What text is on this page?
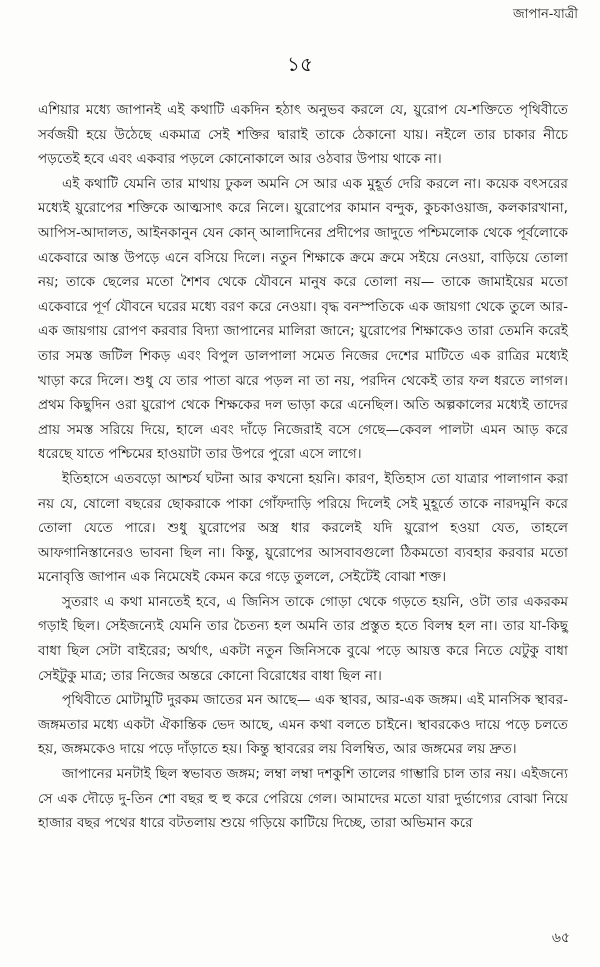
জাপান-যাত্রী
১৫

এশিয়ার মধ্যে জাপানই এই কথাটি একদিন হঠাৎ অনুভব করলে যে, য়ুরোপ যে-শক্তিতে পৃথিবীতে সর্বজয়ী হয়ে উঠেছে একমাত্র সেই শক্তির দ্বারাই তাকে ঠেকানো যায়। নইলে তার চাকার নীচে পড়তেই হবে এবং একবার পড়লে কোনোকালে আর ওঠবার উপায় থাকে না।

এই কথাটি যেমনি তার মাথায় ঢুকল অমনি সে আর এক মুহূর্ত দেরি করলে না। কয়েক বৎসরের মধ্যেই য়ুরোপের শক্তিকে আত্মসাৎ করে নিলে। য়ুরোপের কামান বন্দুক, কুচকাওয়াজ, কলকারখানা, আপিস-আদালত, আইনকানুন যেন কোন্ আলাদিনের প্রদীপের জাদুতে পশ্চিমলোক থেকে পূর্বলোকে একেবারে আস্ত উপড়ে এনে বসিয়ে দিলে। নতুন শিক্ষাকে ক্রমে ক্রমে সইয়ে নেওয়া, বাড়িয়ে তোলা নয়; তাকে ছেলের মতো শৈশব থেকে যৌবনে মানুষ করে তোলা নয়— তাকে জামাইয়ের মতো একেবারে পূর্ণ যৌবনে ঘরের মধ্যে বরণ করে নেওয়া। বৃদ্ধ বনস্পতিকে এক জায়গা থেকে তুলে আর-এক জায়গায় রোপণ করবার বিদ্যা জাপানের মালিরা জানে; য়ুরোপের শিক্ষাকেও তারা তেমনি করেই তার সমস্ত জটিল শিকড় এবং বিপুল ডালপালা সমেত নিজের দেশের মাটিতে এক রাত্রির মধ্যেই খাড়া করে দিলে। শুধু যে তার পাতা ঝরে পড়ল না তা নয়, পরদিন থেকেই তার ফল ধরতে লাগল। প্রথম কিছুদিন ওরা য়ুরোপ থেকে শিক্ষকের দল ভাড়া করে এনেছিল। অতি অল্পকালের মধ্যেই তাদের প্রায় সমস্ত সরিয়ে দিয়ে, হালে এবং দাঁড়ে নিজেরাই বসে গেছে—কেবল পালটা এমন আড় করে ধরেছে যাতে পশ্চিমের হাওয়াটা তার উপরে পুরো এসে লাগে।

ইতিহাসে এতবড়ো আশ্চর্য ঘটনা আর কখনো হয়নি। কারণ, ইতিহাস তো যাত্রার পালাগান করা নয় যে, ষোলো বছরের ছোকরাকে পাকা গোঁফদাড়ি পরিয়ে দিলেই সেই মুহূর্তে তাকে নারদমুনি করে তোলা যেতে পারে। শুধু য়ুরোপের অস্ত্র ধার করলেই যদি য়ুরোপ হওয়া যেত, তাহলে আফগানিস্তানেরও ভাবনা ছিল না। কিন্তু, য়ুরোপের আসবাবগুলো ঠিকমতো ব্যবহার করবার মতো মনোবৃত্তি জাপান এক নিমেষেই কেমন করে গড়ে তুললে, সেইটেই বোঝা শক্ত।

সুতরাং এ কথা মানতেই হবে, এ জিনিস তাকে গোড়া থেকে গড়তে হয়নি, ওটা তার একরকম গড়াই ছিল। সেইজন্যেই যেমনি তার চৈতন্য হল অমনি তার প্রস্তুত হতে বিলম্ব হল না। তার যা-কিছু বাধা ছিল সেটা বাইরের; অর্থাৎ, একটা নতুন জিনিসকে বুঝে পড়ে আয়ত্ত করে নিতে যেটুকু বাধা সেইটুকু মাত্র; তার নিজের অন্তরে কোনো বিরোধের বাধা ছিল না।

পৃথিবীতে মোটামুটি দুরকম জাতের মন আছে— এক স্থাবর, আর-এক জঙ্গম। এই মানসিক স্থাবর-জঙ্গমতার মধ্যে একটা ঐকান্তিক ভেদ আছে, এমন কথা বলতে চাইনে। স্থাবরকেও দায়ে পড়ে চলতে হয়, জঙ্গমকেও দায়ে পড়ে দাঁড়াতে হয়। কিন্তু স্থাবরের লয় বিলম্বিত, আর জঙ্গমের লয় দ্রুত।

জাপানের মনটাই ছিল স্বভাবত জঙ্গম; লম্বা লম্বা দশকুশি তালের গাম্ভারি চাল তার নয়। এইজন্যে সে এক দৌড়ে দু-তিন শো বছর হু হু করে পেরিয়ে গেল। আমাদের মতো যারা দুর্ভাগ্যের বোঝা নিয়ে হাজার বছর পথের ধারে বটতলায় শুয়ে গড়িয়ে কাটিয়ে দিচ্ছে, তারা অভিমান করে

৬৫
